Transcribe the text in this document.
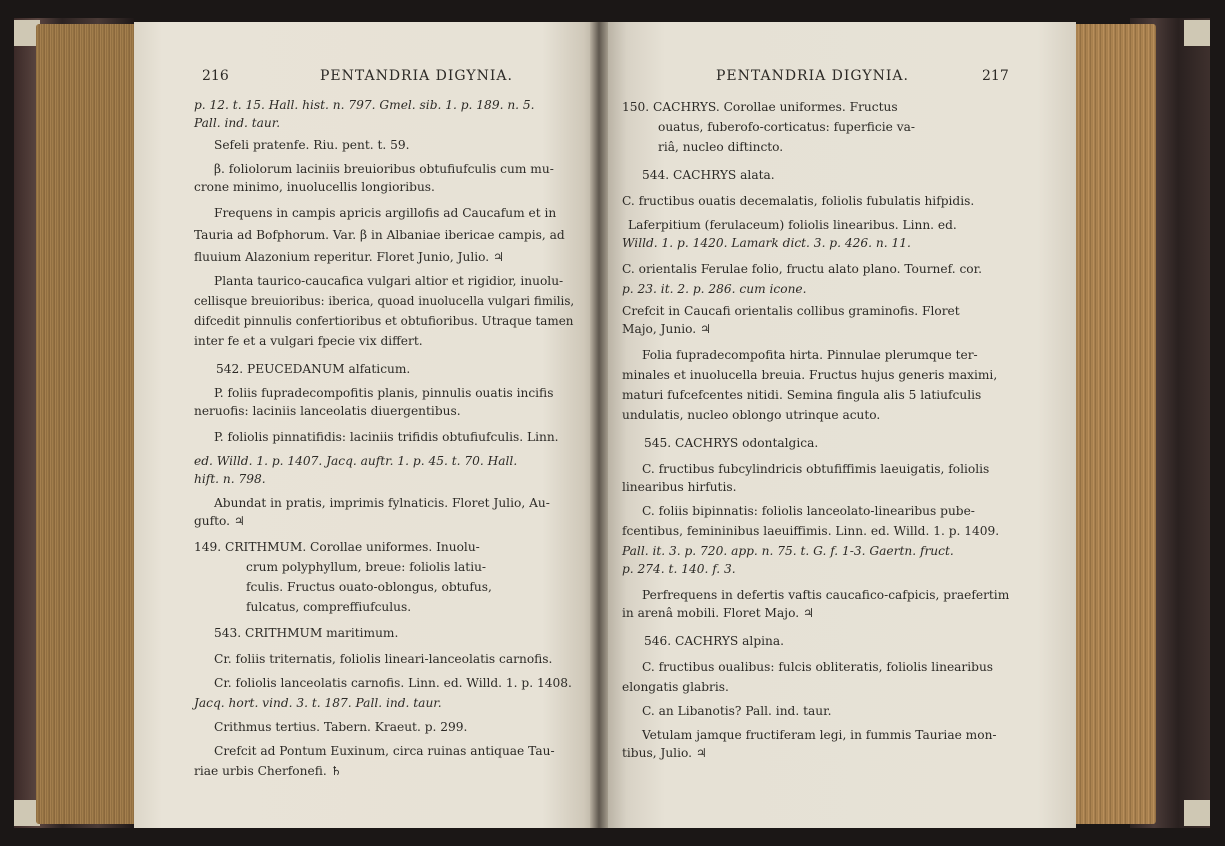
216	PENTANDRIA DIGYNIA.
p. 12. t. 15. Hall. hist. n. 797. Gmel. sib. 1. p. 189. n. 5.
Pall. ind. taur.
Sefeli pratenfe. Riu. pent. t. 59.
β. foliolorum laciniis breuioribus obtufiufculis cum mu-
crone minimo, inuolucellis longioribus.
Frequens in campis apricis argillofis ad Caucafum et in
Tauria ad Bofphorum. Var. β in Albaniae ibericae campis, ad
fluuium Alazonium reperitur. Floret Junio, Julio. ♃
Planta taurico-caucafica vulgari altior et rigidior, inuolu-
cellisque breuioribus: iberica, quoad inuolucella vulgari fimilis,
difcedit pinnulis confertioribus et obtufioribus. Utraque tamen
inter fe et a vulgari fpecie vix differt.
542. PEUCEDANUM alfaticum.
P. foliis fupradecompofitis planis, pinnulis ouatis incifis
neruofis: laciniis lanceolatis diuergentibus.
P. foliolis pinnatifidis: laciniis trifidis obtufiufculis. Linn.
ed. Willd. 1. p. 1407. Jacq. auftr. 1. p. 45. t. 70. Hall.
hift. n. 798.
Abundat in pratis, imprimis fylnaticis. Floret Julio, Au-
gufto. ♃
149. CRITHMUM. Corollae uniformes. Inuolu-
crum polyphyllum, breue: foliolis latiu-
fculis. Fructus ouato-oblongus, obtufus,
fulcatus, compreffiufculus.
543. CRITHMUM maritimum.
Cr. foliis triternatis, foliolis lineari-lanceolatis carnofis.
Cr. foliolis lanceolatis carnofis. Linn. ed. Willd. 1. p. 1408.
Jacq. hort. vind. 3. t. 187. Pall. ind. taur.
Crithmus tertius. Tabern. Kraeut. p. 299.
Crefcit ad Pontum Euxinum, circa ruinas antiquae Tau-
riae urbis Cherfonefi. ♄
PENTANDRIA DIGYNIA.	217
150. CACHRYS. Corollae uniformes. Fructus
ouatus, fuberofo-corticatus: fuperficie va-
riâ, nucleo diftincto.
544. CACHRYS alata.
C. fructibus ouatis decemalatis, foliolis fubulatis hifpidis.
Laferpitium (ferulaceum) foliolis linearibus. Linn. ed.
Willd. 1. p. 1420. Lamark dict. 3. p. 426. n. 11.
C. orientalis Ferulae folio, fructu alato plano. Tournef. cor.
p. 23. it. 2. p. 286. cum icone.
Crefcit in Caucafi orientalis collibus graminofis. Floret
Majo, Junio. ♃
Folia fupradecompofita hirta. Pinnulae plerumque ter-
minales et inuolucella breuia. Fructus hujus generis maximi,
maturi fufcefcentes nitidi. Semina fingula alis 5 latiufculis
undulatis, nucleo oblongo utrinque acuto.
545. CACHRYS odontalgica.
C. fructibus fubcylindricis obtufiffimis laeuigatis, foliolis
linearibus hirfutis.
C. foliis bipinnatis: foliolis lanceolato-linearibus pube-
fcentibus, femininibus laeuiffimis. Linn. ed. Willd. 1. p. 1409.
Pall. it. 3. p. 720. app. n. 75. t. G. f. 1-3. Gaertn. fruct.
p. 274. t. 140. f. 3.
Perfrequens in defertis vaftis caucafico-cafpicis, praefertim
in arenâ mobili. Floret Majo. ♃
546. CACHRYS alpina.
C. fructibus oualibus: fulcis obliteratis, foliolis linearibus
elongatis glabris.
C. an Libanotis? Pall. ind. taur.
Vetulam jamque fructiferam legi, in fummis Tauriae mon-
tibus, Julio. ♃
